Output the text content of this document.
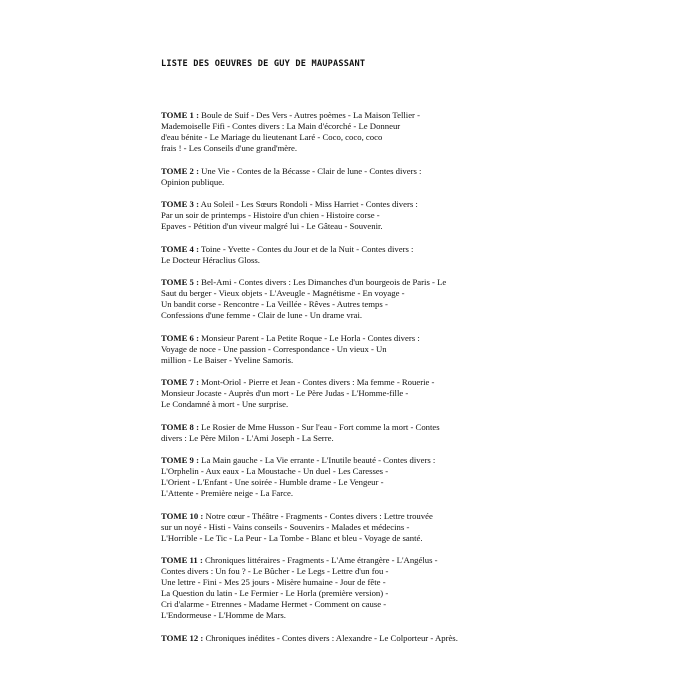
LISTE DES OEUVRES DE GUY DE MAUPASSANT

TOME 1 : Boule de Suif - Des Vers - Autres poèmes - La Maison Tellier -
Mademoiselle Fifi - Contes divers : La Main d'écorché - Le Donneur
d'eau bénite - Le Mariage du lieutenant Laré - Coco, coco, coco
frais ! - Les Conseils d'une grand'mère.

TOME 2 : Une Vie - Contes de la Bécasse - Clair de lune - Contes divers :
Opinion publique.

TOME 3 : Au Soleil - Les Sœurs Rondoli - Miss Harriet - Contes divers :
Par un soir de printemps - Histoire d'un chien - Histoire corse -
Epaves - Pétition d'un viveur malgré lui - Le Gâteau - Souvenir.

TOME 4 : Toine - Yvette - Contes du Jour et de la Nuit - Contes divers :
Le Docteur Héraclius Gloss.

TOME 5 : Bel-Ami - Contes divers : Les Dimanches d'un bourgeois de Paris - Le
Saut du berger - Vieux objets - L'Aveugle - Magnétisme - En voyage -
Un bandit corse - Rencontre - La Veillée - Rêves - Autres temps -
Confessions d'une femme - Clair de lune - Un drame vrai.

TOME 6 : Monsieur Parent - La Petite Roque - Le Horla - Contes divers :
Voyage de noce - Une passion - Correspondance - Un vieux - Un
million - Le Baiser - Yveline Samoris.

TOME 7 : Mont-Oriol - Pierre et Jean - Contes divers : Ma femme - Rouerie -
Monsieur Jocaste - Auprès d'un mort - Le Père Judas - L'Homme-fille -
Le Condamné à mort - Une surprise.

TOME 8 : Le Rosier de Mme Husson - Sur l'eau - Fort comme la mort - Contes
divers : Le Père Milon - L'Ami Joseph - La Serre.

TOME 9 : La Main gauche - La Vie errante - L'Inutile beauté - Contes divers :
L'Orphelin - Aux eaux - La Moustache - Un duel - Les Caresses -
L'Orient - L'Enfant - Une soirée - Humble drame - Le Vengeur -
L'Attente - Première neige - La Farce.

TOME 10 : Notre cœur - Théâtre - Fragments - Contes divers : Lettre trouvée
sur un noyé - Histi - Vains conseils - Souvenirs - Malades et médecins -
L'Horrible - Le Tic - La Peur - La Tombe - Blanc et bleu - Voyage de santé.

TOME 11 : Chroniques littéraires - Fragments - L'Ame étrangère - L'Angélus -
Contes divers : Un fou ? - Le Bûcher - Le Legs - Lettre d'un fou -
Une lettre - Fini - Mes 25 jours - Misère humaine - Jour de fête -
La Question du latin - Le Fermier - Le Horla (première version) -
Cri d'alarme - Etrennes - Madame Hermet - Comment on cause -
L'Endormeuse - L'Homme de Mars.

TOME 12 : Chroniques inédites - Contes divers : Alexandre - Le Colporteur - Après.
